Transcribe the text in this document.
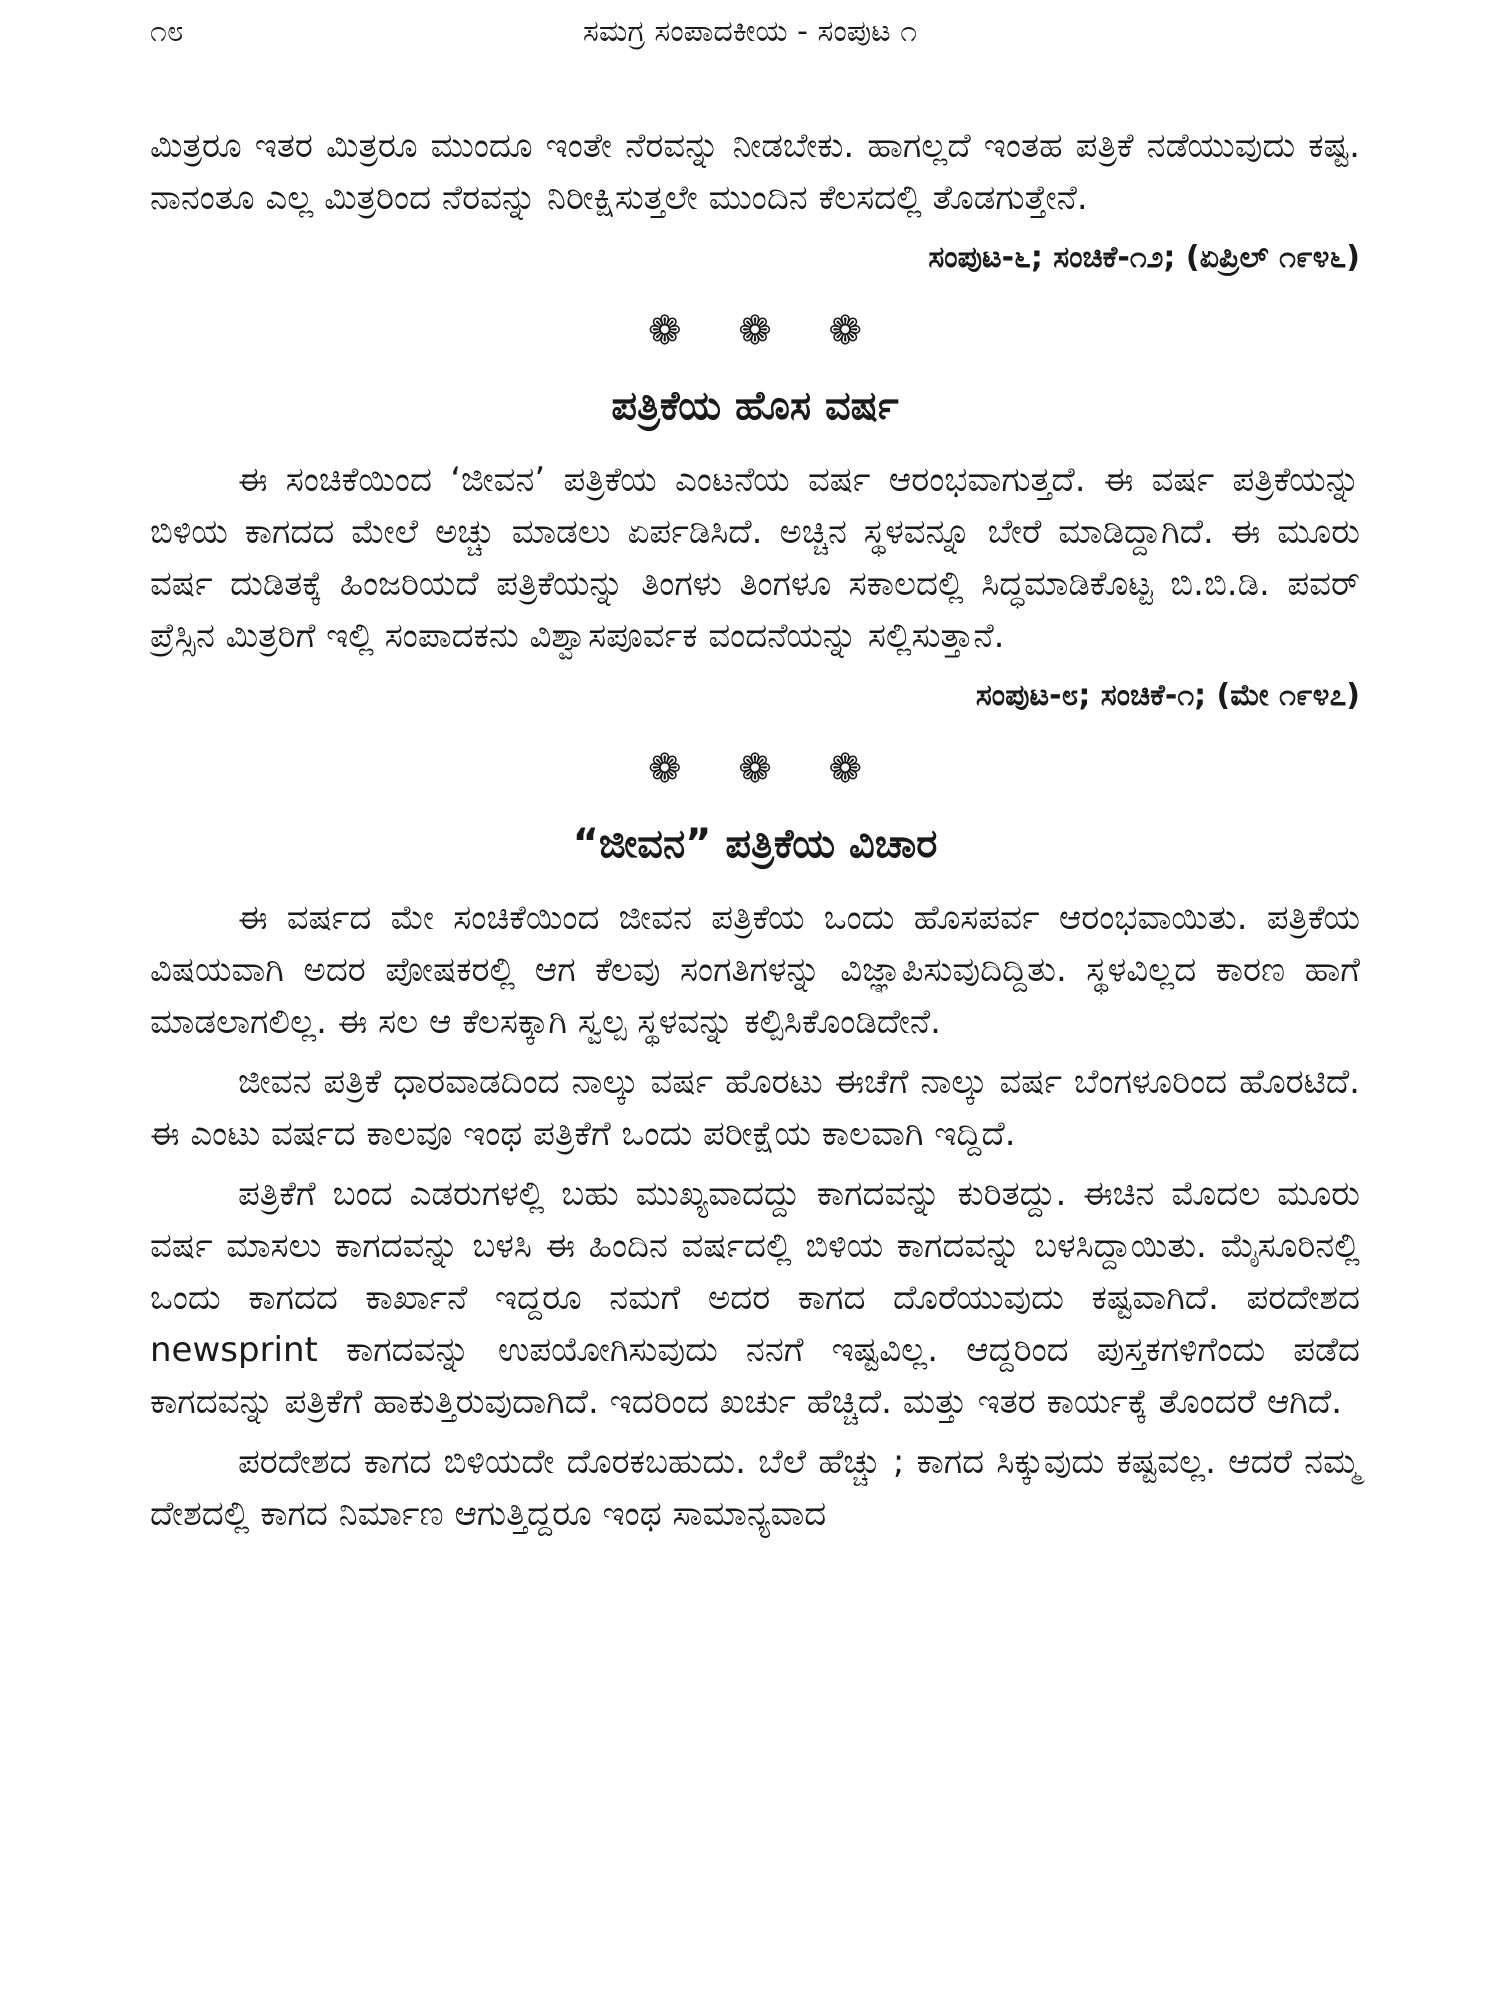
೧೮	ಸಮಗ್ರ ಸಂಪಾದಕೀಯ - ಸಂಪುಟ ೧

ಮಿತ್ರರೂ ಇತರ ಮಿತ್ರರೂ ಮುಂದೂ ಇಂತೇ ನೆರವನ್ನು ನೀಡಬೇಕು. ಹಾಗಲ್ಲದೆ ಇಂತಹ ಪತ್ರಿಕೆ ನಡೆಯುವುದು ಕಷ್ಟ. ನಾನಂತೂ ಎಲ್ಲ ಮಿತ್ರರಿಂದ ನೆರವನ್ನು ನಿರೀಕ್ಷಿಸುತ್ತಲೇ ಮುಂದಿನ ಕೆಲಸದಲ್ಲಿ ತೊಡಗುತ್ತೇನೆ.

ಸಂಪುಟ-೬; ಸಂಚಿಕೆ-೧೨; (ಏಪ್ರಿಲ್ ೧೯೪೬)
❁ ❁ ❁
ಪತ್ರಿಕೆಯ ಹೊಸ ವರ್ಷ

ಈ ಸಂಚಿಕೆಯಿಂದ ‘ಜೀವನ’ ಪತ್ರಿಕೆಯ ಎಂಟನೆಯ ವರ್ಷ ಆರಂಭವಾಗುತ್ತದೆ. ಈ ವರ್ಷ ಪತ್ರಿಕೆಯನ್ನು ಬಿಳಿಯ ಕಾಗದದ ಮೇಲೆ ಅಚ್ಚು ಮಾಡಲು ಏರ್ಪಡಿಸಿದೆ. ಅಚ್ಚಿನ ಸ್ಥಳವನ್ನೂ ಬೇರೆ ಮಾಡಿದ್ದಾಗಿದೆ. ಈ ಮೂರು ವರ್ಷ ದುಡಿತಕ್ಕೆ ಹಿಂಜರಿಯದೆ ಪತ್ರಿಕೆಯನ್ನು ತಿಂಗಳು ತಿಂಗಳೂ ಸಕಾಲದಲ್ಲಿ ಸಿದ್ಧಮಾಡಿಕೊಟ್ಟ ಬಿ.ಬಿ.ಡಿ. ಪವರ್ ಪ್ರೆಸ್ಸಿನ ಮಿತ್ರರಿಗೆ ಇಲ್ಲಿ ಸಂಪಾದಕನು ವಿಶ್ವಾಸಪೂರ್ವಕ ವಂದನೆಯನ್ನು ಸಲ್ಲಿಸುತ್ತಾನೆ.

ಸಂಪುಟ-೮; ಸಂಚಿಕೆ-೧; (ಮೇ ೧೯೪೭)
❁ ❁ ❁
“ಜೀವನ” ಪತ್ರಿಕೆಯ ವಿಚಾರ

ಈ ವರ್ಷದ ಮೇ ಸಂಚಿಕೆಯಿಂದ ಜೀವನ ಪತ್ರಿಕೆಯ ಒಂದು ಹೊಸಪರ್ವ ಆರಂಭವಾಯಿತು. ಪತ್ರಿಕೆಯ ವಿಷಯವಾಗಿ ಅದರ ಪೋಷಕರಲ್ಲಿ ಆಗ ಕೆಲವು ಸಂಗತಿಗಳನ್ನು ವಿಜ್ಞಾಪಿಸುವುದಿದ್ದಿತು. ಸ್ಥಳವಿಲ್ಲದ ಕಾರಣ ಹಾಗೆ ಮಾಡಲಾಗಲಿಲ್ಲ. ಈ ಸಲ ಆ ಕೆಲಸಕ್ಕಾಗಿ ಸ್ವಲ್ಪ ಸ್ಥಳವನ್ನು ಕಲ್ಪಿಸಿಕೊಂಡಿದೇನೆ.

ಜೀವನ ಪತ್ರಿಕೆ ಧಾರವಾಡದಿಂದ ನಾಲ್ಕು ವರ್ಷ ಹೊರಟು ಈಚೆಗೆ ನಾಲ್ಕು ವರ್ಷ ಬೆಂಗಳೂರಿಂದ ಹೊರಟಿದೆ. ಈ ಎಂಟು ವರ್ಷದ ಕಾಲವೂ ಇಂಥ ಪತ್ರಿಕೆಗೆ ಒಂದು ಪರೀಕ್ಷೆಯ ಕಾಲವಾಗಿ ಇದ್ದಿದೆ.

ಪತ್ರಿಕೆಗೆ ಬಂದ ಎಡರುಗಳಲ್ಲಿ ಬಹು ಮುಖ್ಯವಾದದ್ದು ಕಾಗದವನ್ನು ಕುರಿತದ್ದು. ಈಚಿನ ಮೊದಲ ಮೂರು ವರ್ಷ ಮಾಸಲು ಕಾಗದವನ್ನು ಬಳಸಿ ಈ ಹಿಂದಿನ ವರ್ಷದಲ್ಲಿ ಬಿಳಿಯ ಕಾಗದವನ್ನು ಬಳಸಿದ್ದಾಯಿತು. ಮೈಸೂರಿನಲ್ಲಿ ಒಂದು ಕಾಗದದ ಕಾರ್ಖಾನೆ ಇದ್ದರೂ ನಮಗೆ ಅದರ ಕಾಗದ ದೊರೆಯುವುದು ಕಷ್ಟವಾಗಿದೆ. ಪರದೇಶದ newsprint ಕಾಗದವನ್ನು ಉಪಯೋಗಿಸುವುದು ನನಗೆ ಇಷ್ಟವಿಲ್ಲ. ಆದ್ದರಿಂದ ಪುಸ್ತಕಗಳಿಗೆಂದು ಪಡೆದ ಕಾಗದವನ್ನು ಪತ್ರಿಕೆಗೆ ಹಾಕುತ್ತಿರುವುದಾಗಿದೆ. ಇದರಿಂದ ಖರ್ಚು ಹೆಚ್ಚಿದೆ. ಮತ್ತು ಇತರ ಕಾರ್ಯಕ್ಕೆ ತೊಂದರೆ ಆಗಿದೆ.

ಪರದೇಶದ ಕಾಗದ ಬಿಳಿಯದೇ ದೊರಕಬಹುದು. ಬೆಲೆ ಹೆಚ್ಚು ; ಕಾಗದ ಸಿಕ್ಕುವುದು ಕಷ್ಟವಲ್ಲ. ಆದರೆ ನಮ್ಮ ದೇಶದಲ್ಲಿ ಕಾಗದ ನಿರ್ಮಾಣ ಆಗುತ್ತಿದ್ದರೂ ಇಂಥ ಸಾಮಾನ್ಯವಾದ
